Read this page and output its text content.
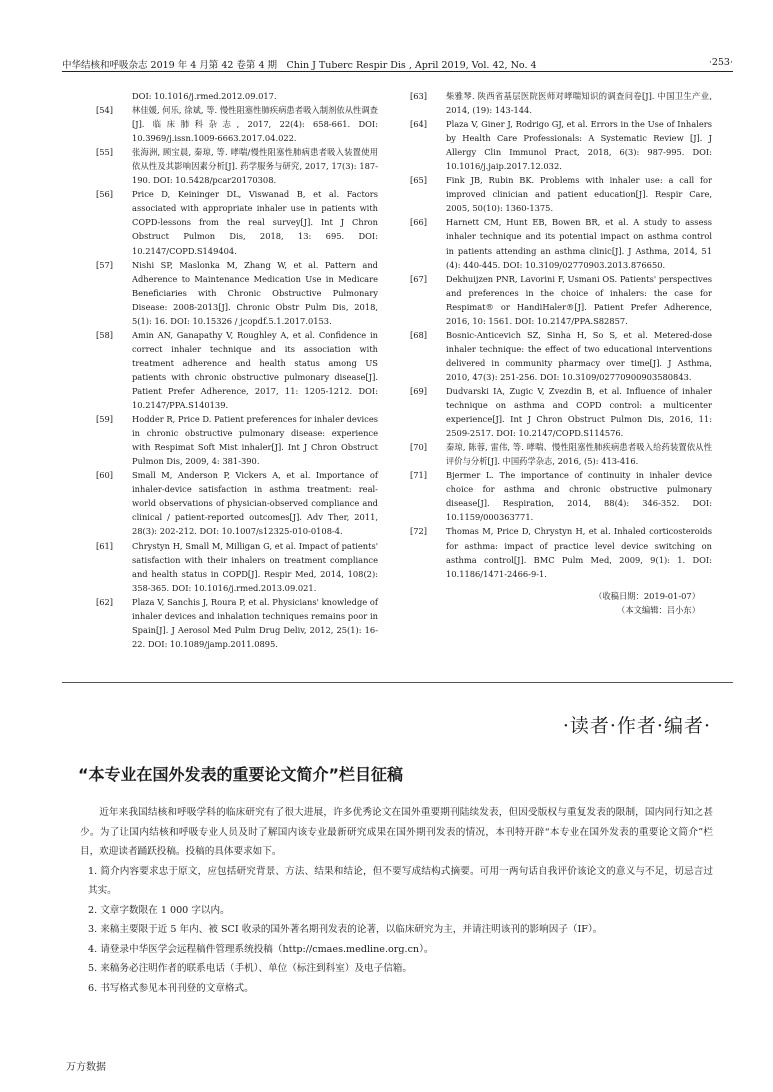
中华结核和呼吸杂志 2019 年 4 月第 42 卷第 4 期　Chin J Tuberc Respir Dis , April 2019, Vol. 42, No. 4	·253·
DOI: 10.1016/j.rmed.2012.09.017.
[54]	林佳媛, 何乐, 徐斌, 等. 慢性阻塞性肺疾病患者吸入制剂依从性调查[J]. 临床肺科杂志, 2017, 22(4): 658-661. DOI: 10.3969/j.issn.1009-6663.2017.04.022.
[55]	张海洲, 顾宝晨, 秦琼, 等. 哮喘/慢性阻塞性肺病患者吸入装置使用依从性及其影响因素分析[J]. 药学服务与研究, 2017, 17(3): 187-190. DOI: 10.5428/pcar20170308.
[56]	Price D, Keininger DL, Viswanad B, et al. Factors associated with appropriate inhaler use in patients with COPD-lessons from the real survey[J]. Int J Chron Obstruct Pulmon Dis, 2018, 13: 695. DOI: 10.2147/COPD.S149404.
[57]	Nishi SP, Maslonka M, Zhang W, et al. Pattern and Adherence to Maintenance Medication Use in Medicare Beneficiaries with Chronic Obstructive Pulmonary Disease: 2008-2013[J]. Chronic Obstr Pulm Dis, 2018, 5(1): 16. DOI: 10.15326 / jcopdf.5.1.2017.0153.
[58]	Amin AN, Ganapathy V, Roughley A, et al. Confidence in correct inhaler technique and its association with treatment adherence and health status among US patients with chronic obstructive pulmonary disease[J]. Patient Prefer Adherence, 2017, 11: 1205-1212. DOI: 10.2147/PPA.S140139.
[59]	Hodder R, Price D. Patient preferences for inhaler devices in chronic obstructive pulmonary disease: experience with Respimat Soft Mist inhaler[J]. Int J Chron Obstruct Pulmon Dis, 2009, 4: 381-390.
[60]	Small M, Anderson P, Vickers A, et al. Importance of inhaler-device satisfaction in asthma treatment: real-world observations of physician-observed compliance and clinical / patient-reported outcomes[J]. Adv Ther, 2011, 28(3): 202-212. DOI: 10.1007/s12325-010-0108-4.
[61]	Chrystyn H, Small M, Milligan G, et al. Impact of patients' satisfaction with their inhalers on treatment compliance and health status in COPD[J]. Respir Med, 2014, 108(2): 358-365. DOI: 10.1016/j.rmed.2013.09.021.
[62]	Plaza V, Sanchis J, Roura P, et al. Physicians' knowledge of inhaler devices and inhalation techniques remains poor in Spain[J]. J Aerosol Med Pulm Drug Deliv, 2012, 25(1): 16-22. DOI: 10.1089/jamp.2011.0895.
[63]	柴雅琴. 陕西省基层医院医师对哮喘知识的调查问卷[J]. 中国卫生产业, 2014, (19): 143-144.
[64]	Plaza V, Giner J, Rodrigo GJ, et al. Errors in the Use of Inhalers by Health Care Professionals: A Systematic Review [J]. J Allergy Clin Immunol Pract, 2018, 6(3): 987-995. DOI: 10.1016/j.jaip.2017.12.032.
[65]	Fink JB, Rubin BK. Problems with inhaler use: a call for improved clinician and patient education[J]. Respir Care, 2005, 50(10): 1360-1375.
[66]	Harnett CM, Hunt EB, Bowen BR, et al. A study to assess inhaler technique and its potential impact on asthma control in patients attending an asthma clinic[J]. J Asthma, 2014, 51 (4): 440-445. DOI: 10.3109/02770903.2013.876650.
[67]	Dekhuijzen PNR, Lavorini F, Usmani OS. Patients' perspectives and preferences in the choice of inhalers: the case for Respimat® or HandiHaler®[J]. Patient Prefer Adherence, 2016, 10: 1561. DOI: 10.2147/PPA.S82857.
[68]	Bosnic-Anticevich SZ, Sinha H, So S, et al. Metered-dose inhaler technique: the effect of two educational interventions delivered in community pharmacy over time[J]. J Asthma, 2010, 47(3): 251-256. DOI: 10.3109/02770900903580843.
[69]	Dudvarski IA, Zugic V, Zvezdin B, et al. Influence of inhaler technique on asthma and COPD control: a multicenter experience[J]. Int J Chron Obstruct Pulmon Dis, 2016, 11: 2509-2517. DOI: 10.2147/COPD.S114576.
[70]	秦琼, 陈蓉, 雷伟, 等. 哮喘、慢性阻塞性肺疾病患者吸入给药装置依从性评价与分析[J]. 中国药学杂志, 2016, (5): 413-416.
[71]	Bjermer L. The importance of continuity in inhaler device choice for asthma and chronic obstructive pulmonary disease[J]. Respiration, 2014, 88(4): 346-352. DOI: 10.1159/000363771.
[72]	Thomas M, Price D, Chrystyn H, et al. Inhaled corticosteroids for asthma: impact of practice level device switching on asthma control[J]. BMC Pulm Med, 2009, 9(1): 1. DOI: 10.1186/1471-2466-9-1.
（收稿日期：2019-01-07）
（本文编辑：吕小东）
·读者·作者·编者·
“本专业在国外发表的重要论文简介”栏目征稿

近年来我国结核和呼吸学科的临床研究有了很大进展，许多优秀论文在国外重要期刊陆续发表，但因受版权与重复发表的限制，国内同行知之甚少。为了让国内结核和呼吸专业人员及时了解国内该专业最新研究成果在国外期刊发表的情况，本刊特开辟“本专业在国外发表的重要论文简介”栏目，欢迎读者踊跃投稿。投稿的具体要求如下。

1. 简介内容要求忠于原文，应包括研究背景、方法、结果和结论，但不要写成结构式摘要。可用一两句话自我评价该论文的意义与不足，切忌言过其实。

2. 文章字数限在 1 000 字以内。

3. 来稿主要限于近 5 年内、被 SCI 收录的国外著名期刊发表的论著，以临床研究为主，并请注明该刊的影响因子（IF）。

4. 请登录中华医学会远程稿件管理系统投稿（http://cmaes.medline.org.cn）。

5. 来稿务必注明作者的联系电话（手机）、单位（标注到科室）及电子信箱。

6. 书写格式参见本刊刊登的文章格式。

万方数据
